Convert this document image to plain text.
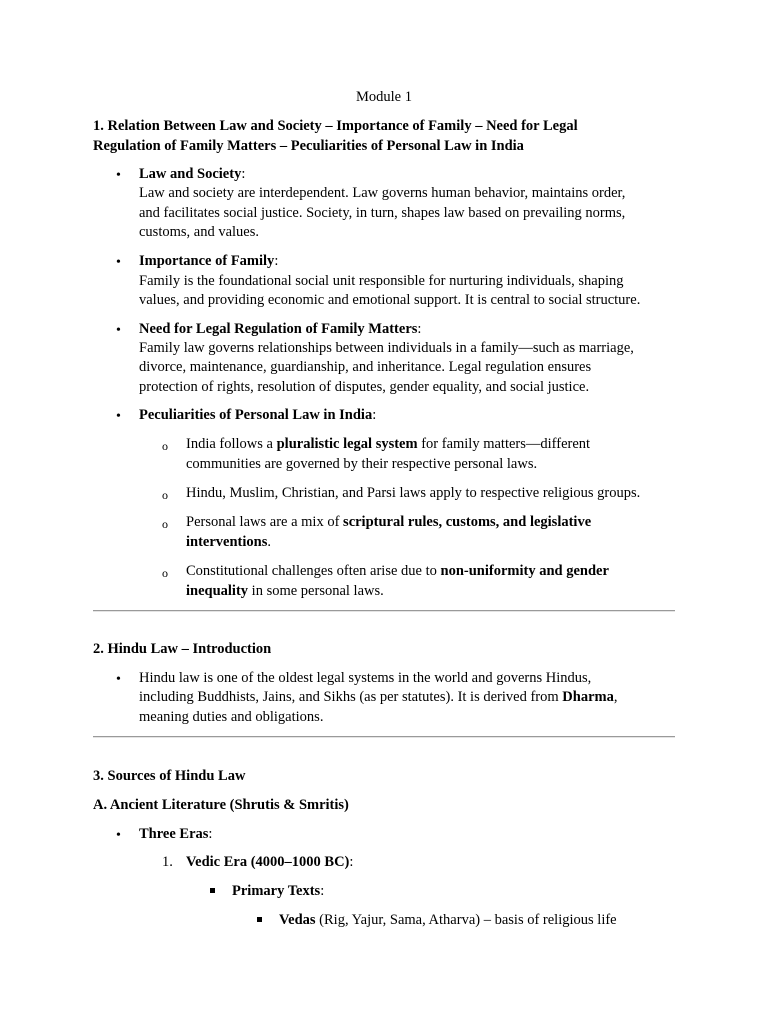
Module 1
1. Relation Between Law and Society – Importance of Family – Need for Legal
Regulation of Family Matters – Peculiarities of Personal Law in India
• Law and Society:
Law and society are interdependent. Law governs human behavior, maintains order,
and facilitates social justice. Society, in turn, shapes law based on prevailing norms,
customs, and values.
• Importance of Family:
Family is the foundational social unit responsible for nurturing individuals, shaping
values, and providing economic and emotional support. It is central to social structure.
• Need for Legal Regulation of Family Matters:
Family law governs relationships between individuals in a family—such as marriage,
divorce, maintenance, guardianship, and inheritance. Legal regulation ensures
protection of rights, resolution of disputes, gender equality, and social justice.
• Peculiarities of Personal Law in India:
o India follows a pluralistic legal system for family matters—different
communities are governed by their respective personal laws.
o Hindu, Muslim, Christian, and Parsi laws apply to respective religious groups.
o Personal laws are a mix of scriptural rules, customs, and legislative
interventions.
o Constitutional challenges often arise due to non-uniformity and gender
inequality in some personal laws.
2. Hindu Law – Introduction
• Hindu law is one of the oldest legal systems in the world and governs Hindus,
including Buddhists, Jains, and Sikhs (as per statutes). It is derived from Dharma,
meaning duties and obligations.
3. Sources of Hindu Law
A. Ancient Literature (Shrutis & Smritis)
• Three Eras:
1. Vedic Era (4000–1000 BC):
Primary Texts:
Vedas (Rig, Yajur, Sama, Atharva) – basis of religious life
